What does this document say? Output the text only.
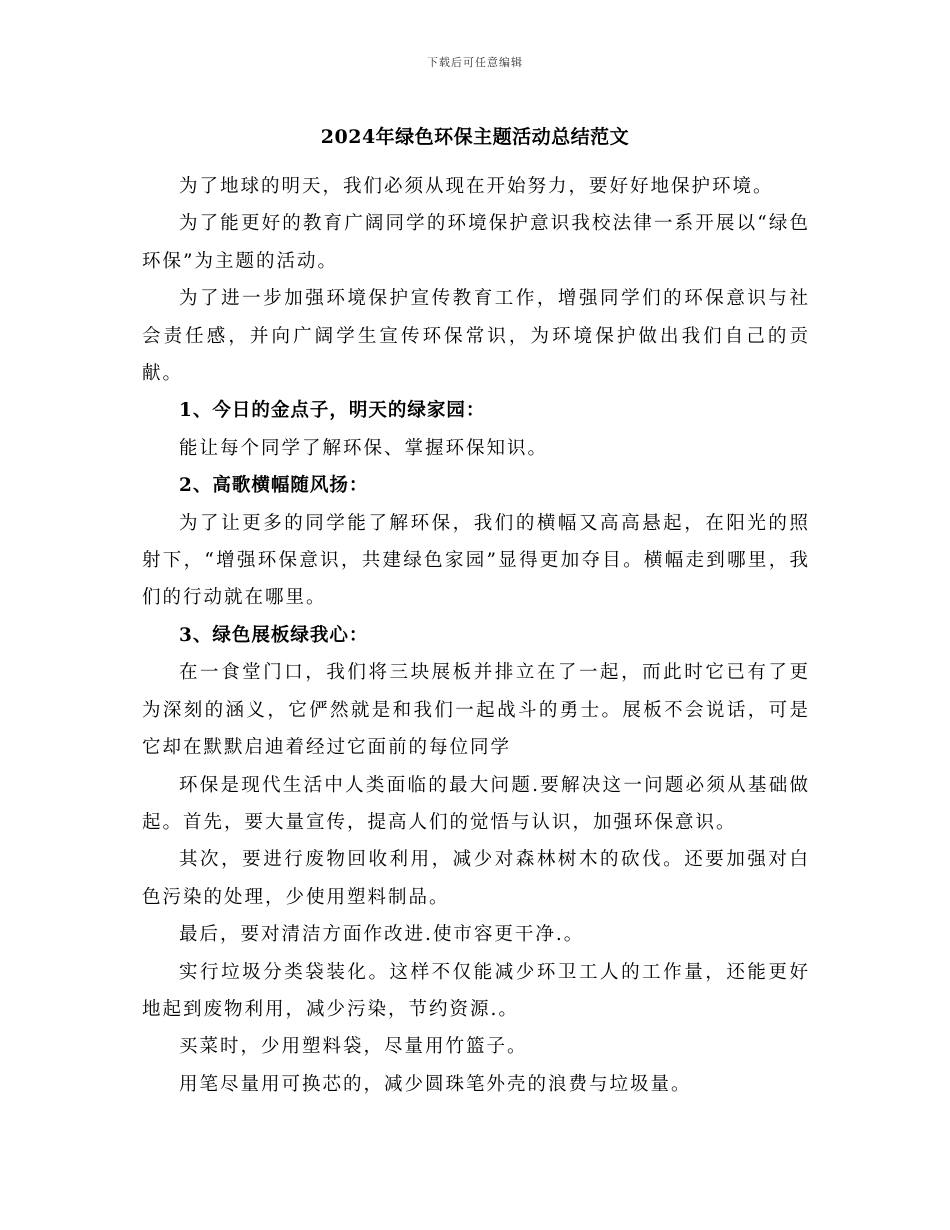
下载后可任意编辑
2024年绿色环保主题活动总结范文

为了地球的明天，我们必须从现在开始努力，要好好地保护环境。

为了能更好的教育广阔同学的环境保护意识我校法律一系开展以“绿色环保”为主题的活动。

为了进一步加强环境保护宣传教育工作，增强同学们的环保意识与社会责任感，并向广阔学生宣传环保常识，为环境保护做出我们自己的贡献。

1、今日的金点子，明天的绿家园：

能让每个同学了解环保、掌握环保知识。

2、高歌横幅随风扬：

为了让更多的同学能了解环保，我们的横幅又高高悬起，在阳光的照射下，“增强环保意识，共建绿色家园”显得更加夺目。横幅走到哪里，我们的行动就在哪里。

3、绿色展板绿我心：

在一食堂门口，我们将三块展板并排立在了一起，而此时它已有了更为深刻的涵义，它俨然就是和我们一起战斗的勇士。展板不会说话，可是它却在默默启迪着经过它面前的每位同学

环保是现代生活中人类面临的最大问题.要解决这一问题必须从基础做起。首先，要大量宣传，提高人们的觉悟与认识，加强环保意识。

其次，要进行废物回收利用，减少对森林树木的砍伐。还要加强对白色污染的处理，少使用塑料制品。

最后，要对清洁方面作改进.使市容更干净.。

实行垃圾分类袋装化。这样不仅能减少环卫工人的工作量，还能更好地起到废物利用，减少污染，节约资源.。

买菜时，少用塑料袋，尽量用竹篮子。

用笔尽量用可换芯的，减少圆珠笔外壳的浪费与垃圾量。
